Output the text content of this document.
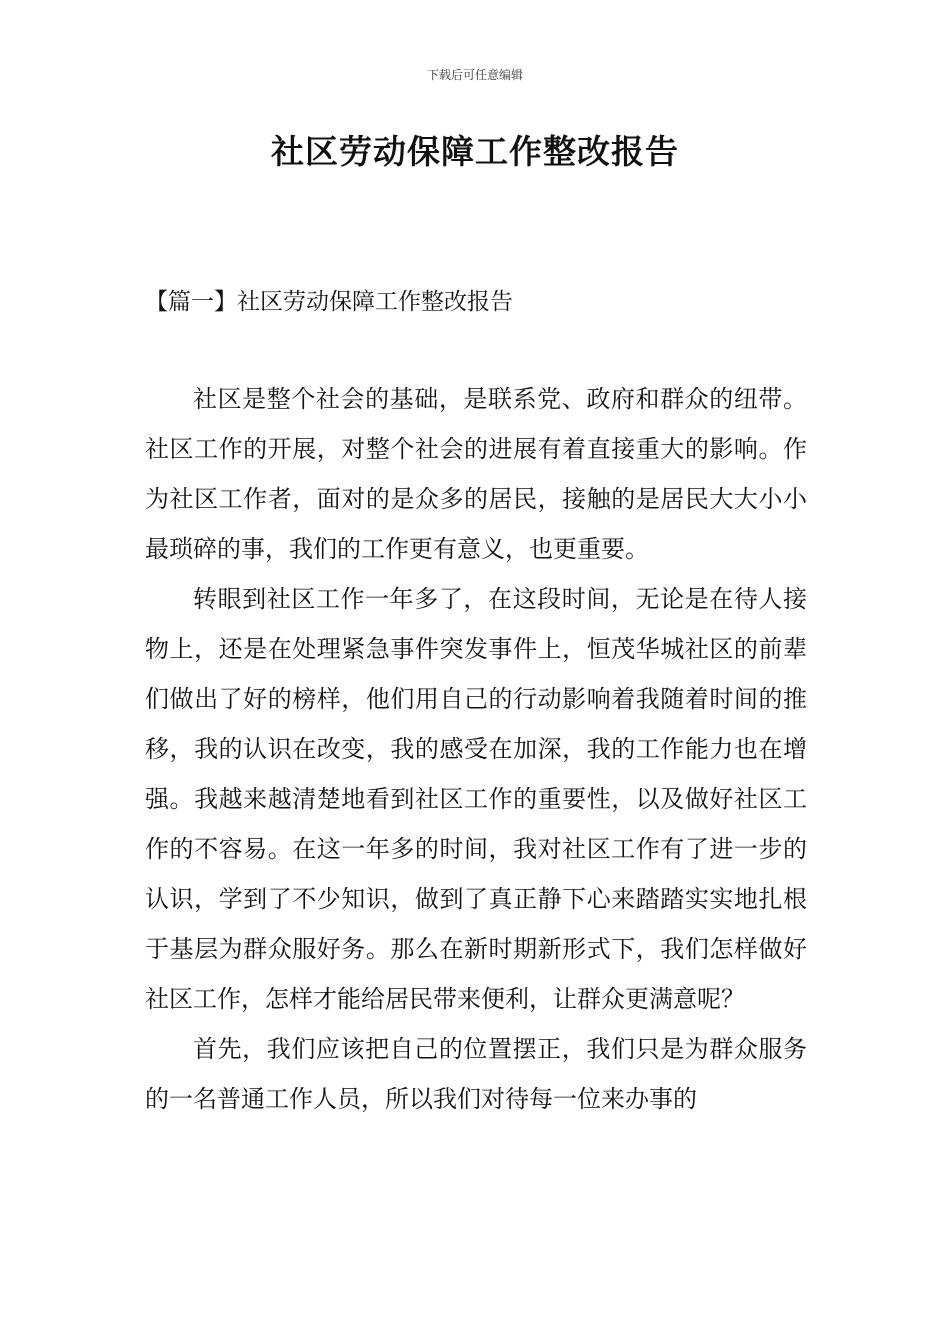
下载后可任意编辑
社区劳动保障工作整改报告
【篇一】社区劳动保障工作整改报告

社区是整个社会的基础，是联系党、政府和群众的纽带。社区工作的开展，对整个社会的进展有着直接重大的影响。作为社区工作者，面对的是众多的居民，接触的是居民大大小小最琐碎的事，我们的工作更有意义，也更重要。

转眼到社区工作一年多了，在这段时间，无论是在待人接物上，还是在处理紧急事件突发事件上，恒茂华城社区的前辈们做出了好的榜样，他们用自己的行动影响着我随着时间的推移，我的认识在改变，我的感受在加深，我的工作能力也在增强。我越来越清楚地看到社区工作的重要性，以及做好社区工作的不容易。在这一年多的时间，我对社区工作有了进一步的认识，学到了不少知识，做到了真正静下心来踏踏实实地扎根于基层为群众服好务。那么在新时期新形式下，我们怎样做好社区工作，怎样才能给居民带来便利，让群众更满意呢？

首先，我们应该把自己的位置摆正，我们只是为群众服务的一名普通工作人员，所以我们对待每一位来办事的
